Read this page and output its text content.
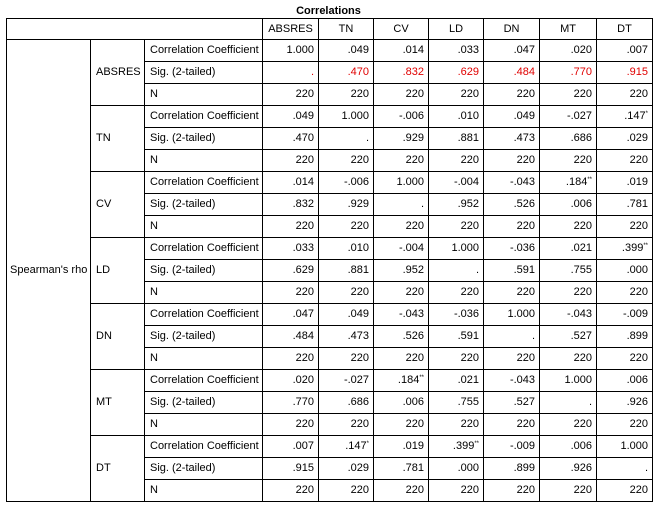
Correlations
			ABSRES	TN	CV	LD	DN	MT	DT
Spearman's rho	ABSRES	Correlation Coefficient	1.000	.049	.014	.033	.047	.020	.007
		Sig. (2-tailed)	.	.470	.832	.629	.484	.770	.915
		N	220	220	220	220	220	220	220
	TN	Correlation Coefficient	.049	1.000	-.006	.010	.049	-.027	.147*
		Sig. (2-tailed)	.470	.	.929	.881	.473	.686	.029
		N	220	220	220	220	220	220	220
	CV	Correlation Coefficient	.014	-.006	1.000	-.004	-.043	.184**	.019
		Sig. (2-tailed)	.832	.929	.	.952	.526	.006	.781
		N	220	220	220	220	220	220	220
	LD	Correlation Coefficient	.033	.010	-.004	1.000	-.036	.021	.399**
		Sig. (2-tailed)	.629	.881	.952	.	.591	.755	.000
		N	220	220	220	220	220	220	220
	DN	Correlation Coefficient	.047	.049	-.043	-.036	1.000	-.043	-.009
		Sig. (2-tailed)	.484	.473	.526	.591	.	.527	.899
		N	220	220	220	220	220	220	220
	MT	Correlation Coefficient	.020	-.027	.184**	.021	-.043	1.000	.006
		Sig. (2-tailed)	.770	.686	.006	.755	.527	.	.926
		N	220	220	220	220	220	220	220
	DT	Correlation Coefficient	.007	.147*	.019	.399**	-.009	.006	1.000
		Sig. (2-tailed)	.915	.029	.781	.000	.899	.926	.
		N	220	220	220	220	220	220	220
